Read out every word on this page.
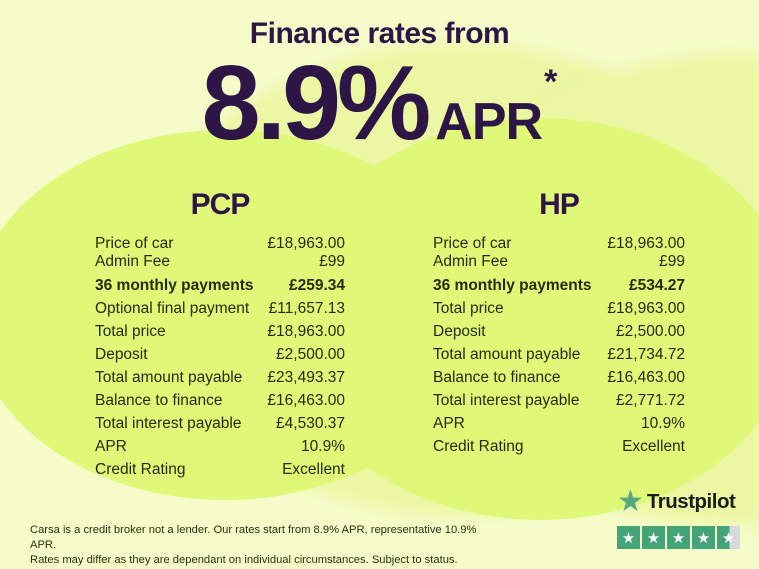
Finance rates from
8.9% APR*
PCP
Price of car	£18,963.00
Admin Fee	£99
36 monthly payments £259.34
Optional final payment £11,657.13
Total price	£18,963.00
Deposit	£2,500.00
Total amount payable £23,493.37
Balance to finance	£16,463.00
Total interest payable £4,530.37
APR	10.9%
Credit Rating	Excellent
HP
Price of car	£18,963.00
Admin Fee	£99
36 monthly payments £534.27
Total price	£18,963.00
Deposit	£2,500.00
Total amount payable £21,734.72
Balance to finance	£16,463.00
Total interest payable £2,771.72
APR	10.9%
Credit Rating	Excellent
Carsa is a credit broker not a lender. Our rates start from 8.9% APR, representative 10.9% APR.
Rates may differ as they are dependant on individual circumstances. Subject to status.
★ Trustpilot
★ ★ ★ ★ ★
